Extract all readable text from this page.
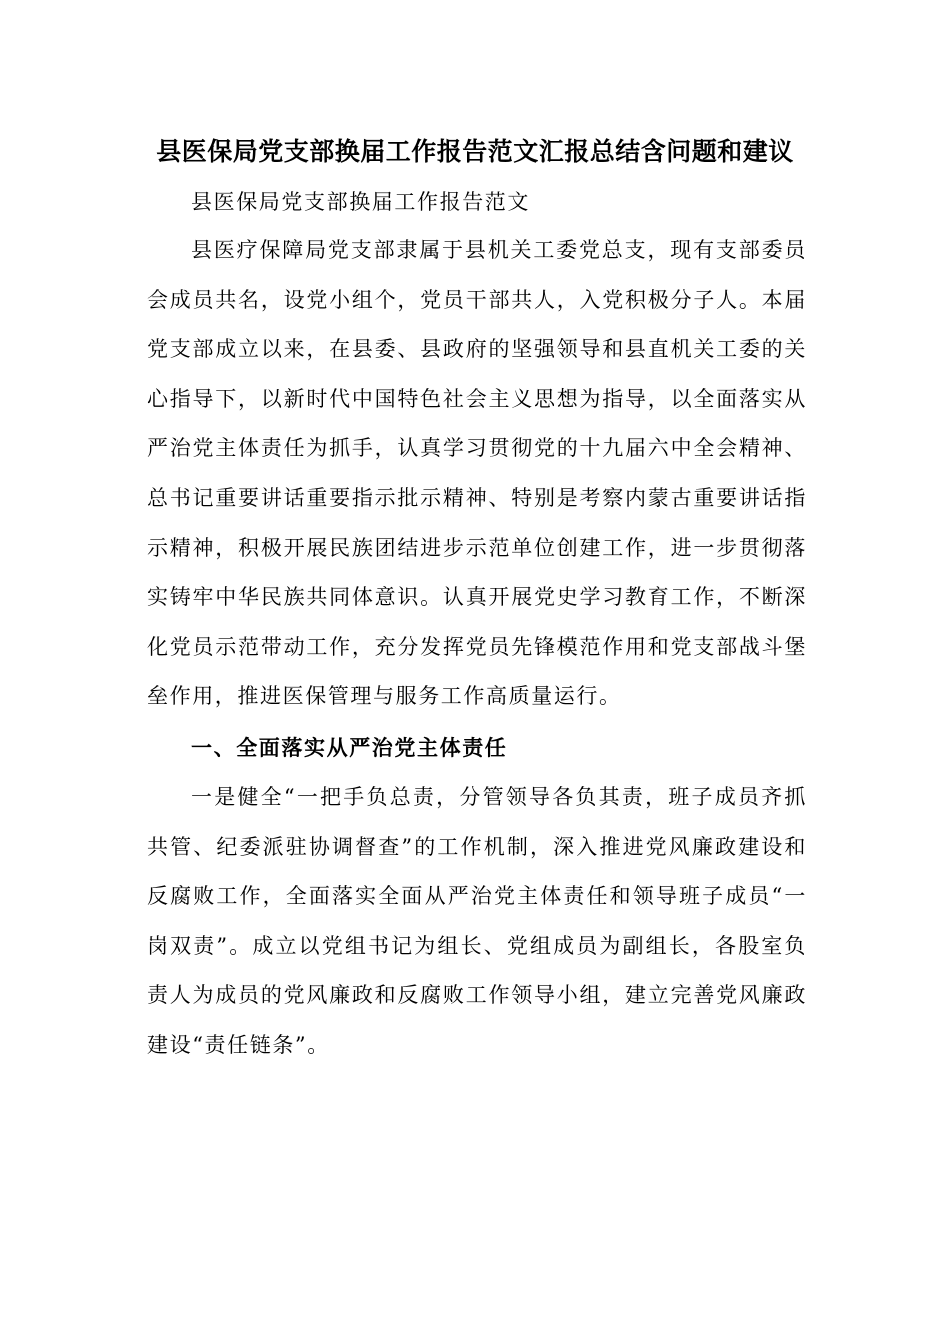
县医保局党支部换届工作报告范文汇报总结含问题和建议
县医保局党支部换届工作报告范文
县医疗保障局党支部隶属于县机关工委党总支，现有支部委员会成员共名，设党小组个，党员干部共人，入党积极分子人。本届党支部成立以来，在县委、县政府的坚强领导和县直机关工委的关心指导下，以新时代中国特色社会主义思想为指导，以全面落实从严治党主体责任为抓手，认真学习贯彻党的十九届六中全会精神、总书记重要讲话重要指示批示精神、特别是考察内蒙古重要讲话指示精神，积极开展民族团结进步示范单位创建工作，进一步贯彻落实铸牢中华民族共同体意识。认真开展党史学习教育工作，不断深化党员示范带动工作，充分发挥党员先锋模范作用和党支部战斗堡垒作用，推进医保管理与服务工作高质量运行。
一、全面落实从严治党主体责任
一是健全“一把手负总责，分管领导各负其责，班子成员齐抓共管、纪委派驻协调督查”的工作机制，深入推进党风廉政建设和反腐败工作，全面落实全面从严治党主体责任和领导班子成员“一岗双责”。成立以党组书记为组长、党组成员为副组长，各股室负责人为成员的党风廉政和反腐败工作领导小组，建立完善党风廉政建设“责任链条”。
